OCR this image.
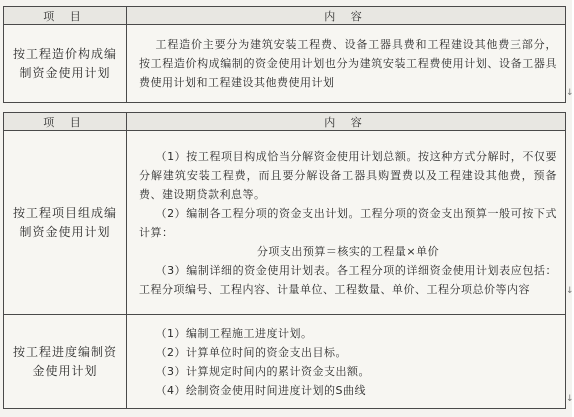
项 目	内 容
按工程造价构成编制资金使用计划	工程造价主要分为建筑安装工程费、设备工器具费和工程建设其他费三部分，按工程造价构成编制的资金使用计划也分为建筑安装工程费使用计划、设备工器具费使用计划和工程建设其他费使用计划

项 目	内 容
按工程项目组成编制资金使用计划	（1）按工程项目构成恰当分解资金使用计划总额。按这种方式分解时，不仅要分解建筑安装工程费，而且要分解设备工器具购置费以及工程建设其他费，预备费、建设期贷款利息等。

（2）编制各工程分项的资金支出计划。工程分项的资金支出预算一般可按下式计算：

分项支出预算＝核实的工程量×单价

（3）编制详细的资金使用计划表。各工程分项的详细资金使用计划表应包括：工程分项编号、工程内容、计量单位、工程数量、单价、工程分项总价等内容

按工程进度编制资金使用计划	（1）编制工程施工进度计划。

（2）计算单位时间的资金支出目标。

（3）计算规定时间内的累计资金支出额。

（4）绘制资金使用时间进度计划的S曲线

↓
↓
↓
